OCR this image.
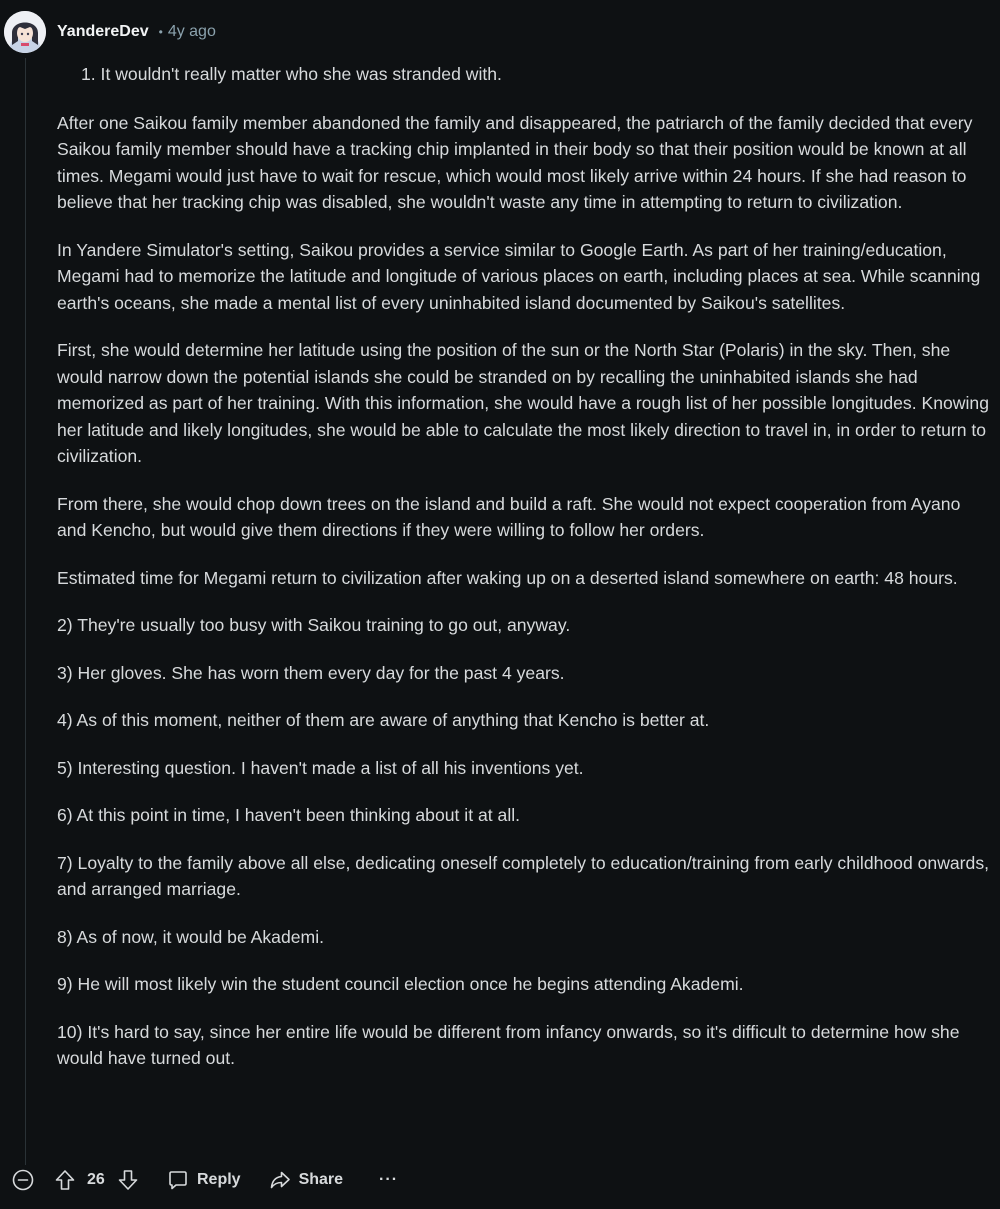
YandereDev • 4y ago

1. It wouldn't really matter who she was stranded with.

After one Saikou family member abandoned the family and disappeared, the patriarch of the family decided that every Saikou family member should have a tracking chip implanted in their body so that their position would be known at all times. Megami would just have to wait for rescue, which would most likely arrive within 24 hours. If she had reason to believe that her tracking chip was disabled, she wouldn't waste any time in attempting to return to civilization.

In Yandere Simulator's setting, Saikou provides a service similar to Google Earth. As part of her training/education, Megami had to memorize the latitude and longitude of various places on earth, including places at sea. While scanning earth's oceans, she made a mental list of every uninhabited island documented by Saikou's satellites.

First, she would determine her latitude using the position of the sun or the North Star (Polaris) in the sky. Then, she would narrow down the potential islands she could be stranded on by recalling the uninhabited islands she had memorized as part of her training. With this information, she would have a rough list of her possible longitudes. Knowing her latitude and likely longitudes, she would be able to calculate the most likely direction to travel in, in order to return to civilization.

From there, she would chop down trees on the island and build a raft. She would not expect cooperation from Ayano and Kencho, but would give them directions if they were willing to follow her orders.

Estimated time for Megami return to civilization after waking up on a deserted island somewhere on earth: 48 hours.

2) They're usually too busy with Saikou training to go out, anyway.

3) Her gloves. She has worn them every day for the past 4 years.

4) As of this moment, neither of them are aware of anything that Kencho is better at.

5) Interesting question. I haven't made a list of all his inventions yet.

6) At this point in time, I haven't been thinking about it at all.

7) Loyalty to the family above all else, dedicating oneself completely to education/training from early childhood onwards, and arranged marriage.

8) As of now, it would be Akademi.

9) He will most likely win the student council election once he begins attending Akademi.

10) It's hard to say, since her entire life would be different from infancy onwards, so it's difficult to determine how she would have turned out.

26	Reply	Share ···
